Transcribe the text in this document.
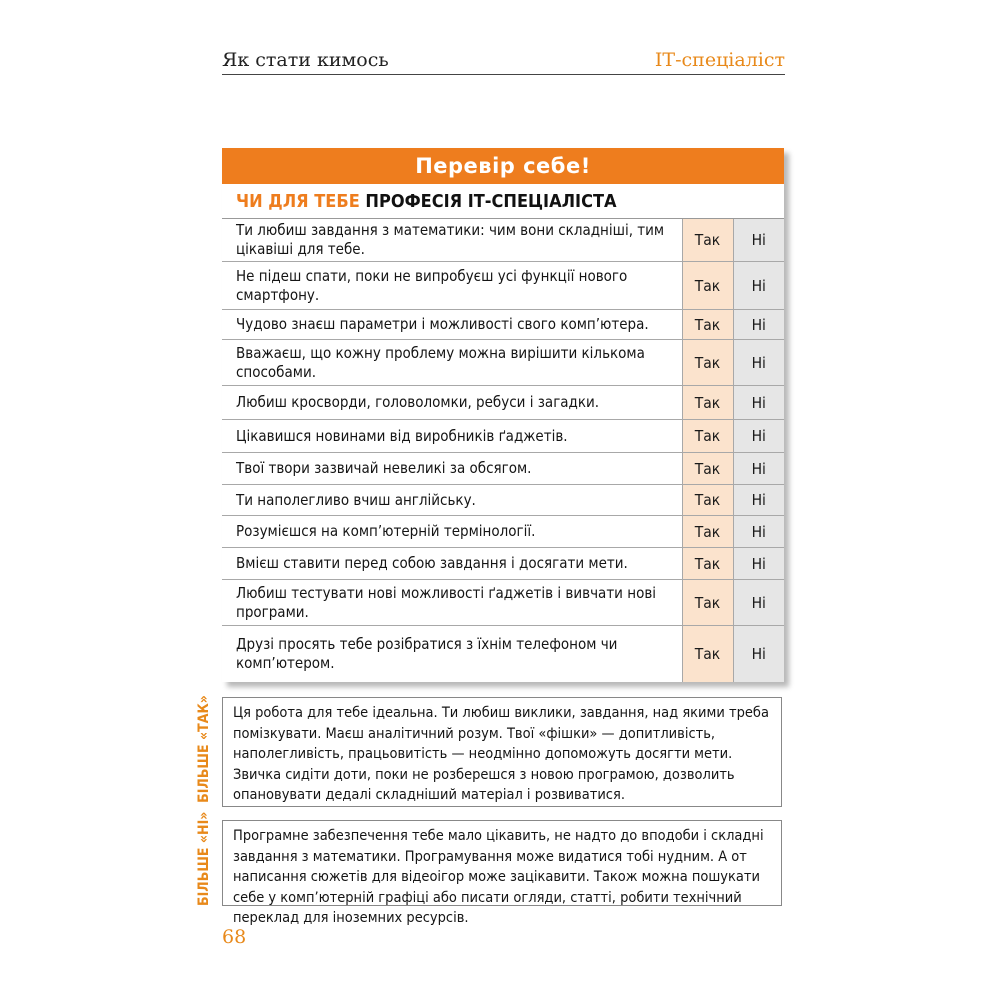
Як стати кимось	ІТ-спеціаліст
Перевір себе!
ЧИ ДЛЯ ТЕБЕ ПРОФЕСІЯ ІТ-СПЕЦІАЛІСТА
Ти любиш завдання з математики: чим вони складніші, тим цікавіші для тебе.	Так	Ні
Не підеш спати, поки не випробуєш усі функції нового смартфону.	Так	Ні
Чудово знаєш параметри і можливості свого комп’ютера.	Так	Ні
Вважаєш, що кожну проблему можна вирішити кількома способами.	Так	Ні
Любиш кросворди, головоломки, ребуси і загадки.	Так	Ні
Цікавишся новинами від виробників ґаджетів.	Так	Ні
Твої твори зазвичай невеликі за обсягом.	Так	Ні
Ти наполегливо вчиш англійську.	Так	Ні
Розумієшся на комп’ютерній термінології.	Так	Ні
Вмієш ставити перед собою завдання і досягати мети.	Так	Ні
Любиш тестувати нові можливості ґаджетів і вивчати нові програми.	Так	Ні
Друзі просять тебе розібратися з їхнім телефоном чи комп’ютером.	Так	Ні
БІЛЬШЕ «ТАК»	Ця робота для тебе ідеальна. Ти любиш виклики, завдання, над якими треба помізкувати. Маєш аналітичний розум. Твої «фішки» — допитливість, наполегливість, працьовитість — неодмінно допоможуть досягти мети. Звичка сидіти доти, поки не розберешся з новою програмою, дозволить опановувати дедалі складніший матеріал і розвиватися.
БІЛЬШЕ «НІ»	Програмне забезпечення тебе мало цікавить, не надто до вподоби і складні завдання з математики. Програмування може видатися тобі нудним. А от написання сюжетів для відеоігор може зацікавити. Також можна пошукати себе у комп’ютерній графіці або писати огляди, статті, робити технічний переклад для іноземних ресурсів.
68
